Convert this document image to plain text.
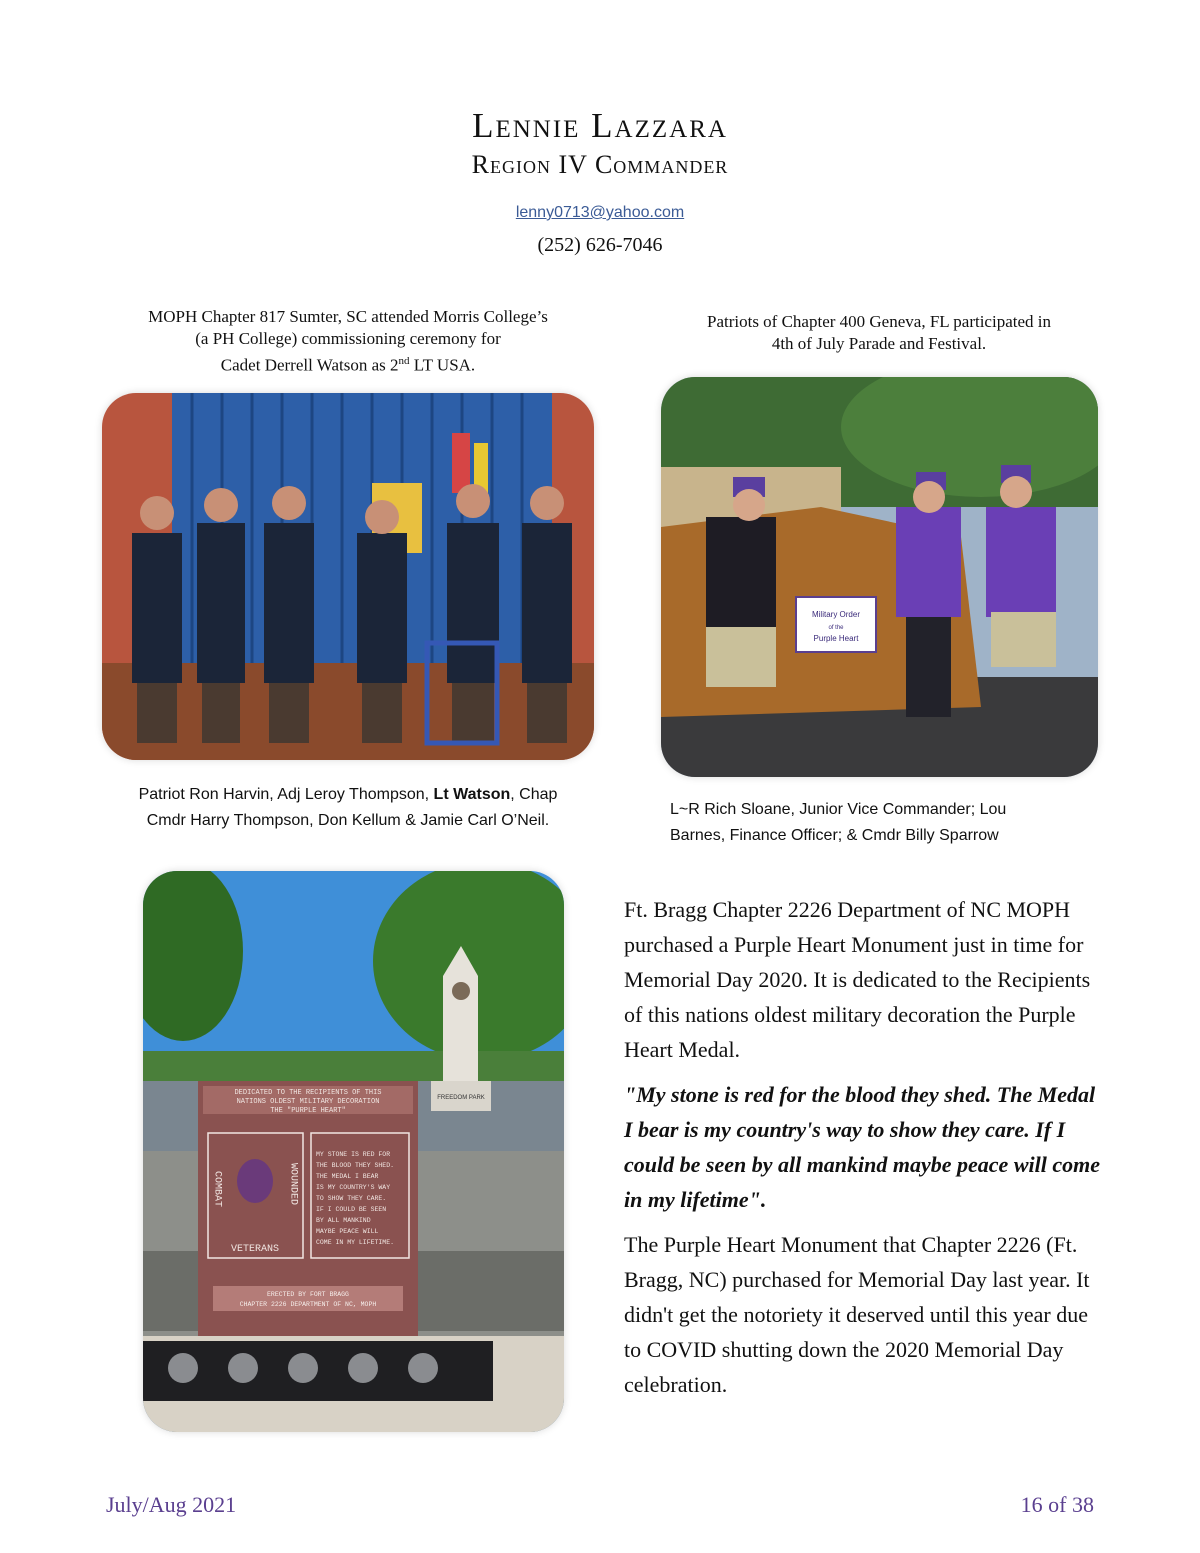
Lennie Lazzara
Region IV Commander
lenny0713@yahoo.com
(252) 626-7046
MOPH Chapter 817 Sumter, SC attended Morris College’s
(a PH College) commissioning ceremony for
Cadet Derrell Watson as 2nd LT USA.
Patriot Ron Harvin, Adj Leroy Thompson, Lt Watson, Chap
Cmdr Harry Thompson, Don Kellum & Jamie Carl O’Neil.
Patriots of Chapter 400 Geneva, FL participated in
4th of July Parade and Festival.
Military Order
of the
Purple Heart
L~R Rich Sloane, Junior Vice Commander; Lou
Barnes, Finance Officer; & Cmdr Billy Sparrow
FREEDOM PARK
DEDICATED TO THE RECIPIENTS OF THIS
NATIONS OLDEST MILITARY DECORATION
THE "PURPLE HEART"
COMBAT	WOUNDED
VETERANS
MY STONE IS RED FOR
THE BLOOD THEY SHED.
THE MEDAL I BEAR
IS MY COUNTRY'S WAY
TO SHOW THEY CARE.
IF I COULD BE SEEN
BY ALL MANKIND
MAYBE PEACE WILL
COME IN MY LIFETIME.
ERECTED BY FORT BRAGG
CHAPTER 2226 DEPARTMENT OF NC, MOPH

Ft. Bragg Chapter 2226 Department of NC MOPH purchased a Purple Heart Monument just in time for Memorial Day 2020. It is dedicated to the Recipients of this nations oldest military decoration the Purple Heart Medal.

"My stone is red for the blood they shed. The Medal I bear is my country's way to show they care. If I could be seen by all mankind maybe peace will come in my lifetime".

The Purple Heart Monument that Chapter 2226 (Ft. Bragg, NC) purchased for Memorial Day last year. It didn't get the notoriety it deserved until this year due to COVID shutting down the 2020 Memorial Day celebration.

July/Aug 2021	16 of 38
